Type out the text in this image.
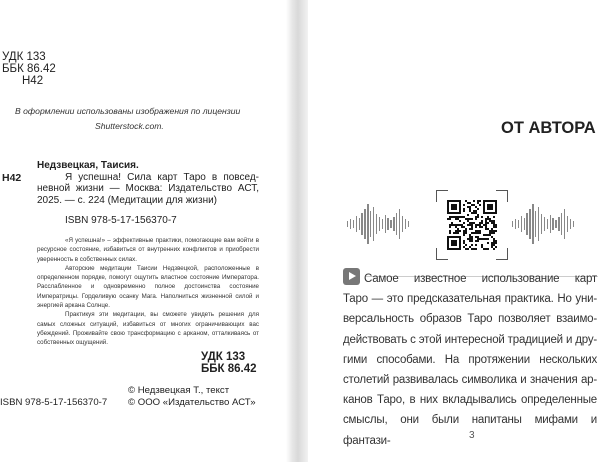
УДК 133
ББК 86.42
Н42
В оформлении использованы изображения по лицензии
Shutterstock.com.
Н42
Недзвецкая, Таисия.
Я успешна! Сила карт Таро в повсед-
невной жизни — Москва: Издательство АСТ,
2025. — с. 224 (Медитации для жизни)
ISBN 978-5-17-156370-7

«Я успешна!» – эффективные практики, помогающие вам войти в ресурсное состояние, избавиться от внутренних конфликтов и приобрести уверенность в собственных силах.

Авторские медитации Таисии Недзвецкой, расположенные в определенном порядке, помогут ощутить властное состояние Императора. Расслабленное и одновременно полное достоинства состояние Императрицы. Горделивую осанку Мага. Наполниться жизненной силой и энергией аркана Солнце.

Практикуя эти медитации, вы сможете увидеть решения для самых сложных ситуаций, избавиться от многих ограничивающих вас убеждений. Проживайте свою трансформацию с арканом, отталкиваясь от собственных ощущений.

УДК 133
ББК 86.42
ISBN 978-5-17-156370-7
© Недзвецкая Т., текст
© ООО «Издательство АСТ»
ОТ АВТОРА
Самое известное использование карт
Таро — это предсказательная практика. Но уни-
версальность образов Таро позволяет взаимо-
действовать с этой интересной традицией и дру-
гими способами. На протяжении нескольких
столетий развивалась символика и значения ар-
канов Таро, в них вкладывались определенные
смыслы, они были напитаны мифами и фантази-	3
